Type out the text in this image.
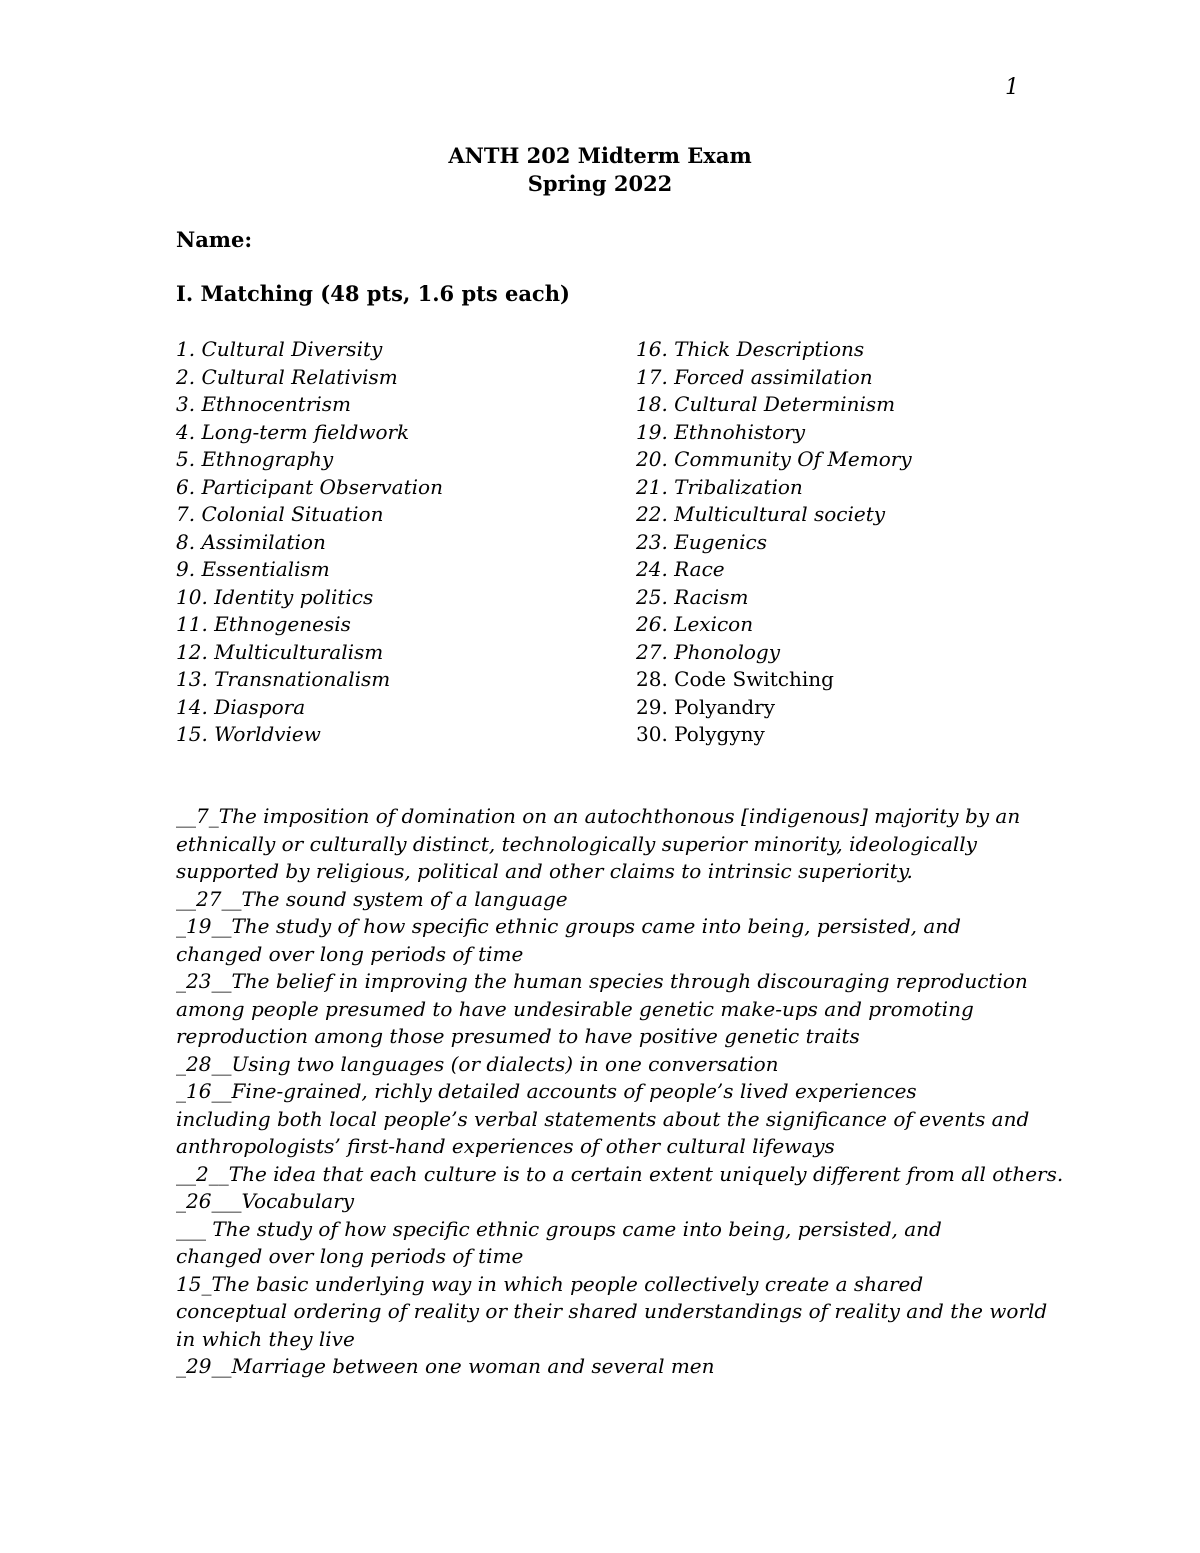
1
ANTH 202 Midterm Exam
Spring 2022
Name:
I. Matching (48 pts, 1.6 pts each)
1. Cultural Diversity
2. Cultural Relativism
3. Ethnocentrism
4. Long-term fieldwork
5. Ethnography
6. Participant Observation
7. Colonial Situation
8. Assimilation
9. Essentialism
10. Identity politics
11. Ethnogenesis
12. Multiculturalism
13. Transnationalism
14. Diaspora
15. Worldview
16. Thick Descriptions
17. Forced assimilation
18. Cultural Determinism
19. Ethnohistory
20. Community Of Memory
21. Tribalization
22. Multicultural society
23. Eugenics
24. Race
25. Racism
26. Lexicon
27. Phonology
28. Code Switching
29. Polyandry
30. Polygyny
__7_The imposition of domination on an autochthonous [indigenous] majority by an
ethnically or culturally distinct, technologically superior minority, ideologically
supported by religious, political and other claims to intrinsic superiority.
__27__The sound system of a language
_19__The study of how specific ethnic groups came into being, persisted, and
changed over long periods of time
_23__The belief in improving the human species through discouraging reproduction
among people presumed to have undesirable genetic make-ups and promoting
reproduction among those presumed to have positive genetic traits
_28__Using two languages (or dialects) in one conversation
_16__Fine-grained, richly detailed accounts of people’s lived experiences
including both local people’s verbal statements about the significance of events and
anthropologists’ first-hand experiences of other cultural lifeways
__2__The idea that each culture is to a certain extent uniquely different from all others.
_26___Vocabulary
___ The study of how specific ethnic groups came into being, persisted, and
changed over long periods of time
15_The basic underlying way in which people collectively create a shared
conceptual ordering of reality or their shared understandings of reality and the world
in which they live
_29__Marriage between one woman and several men
